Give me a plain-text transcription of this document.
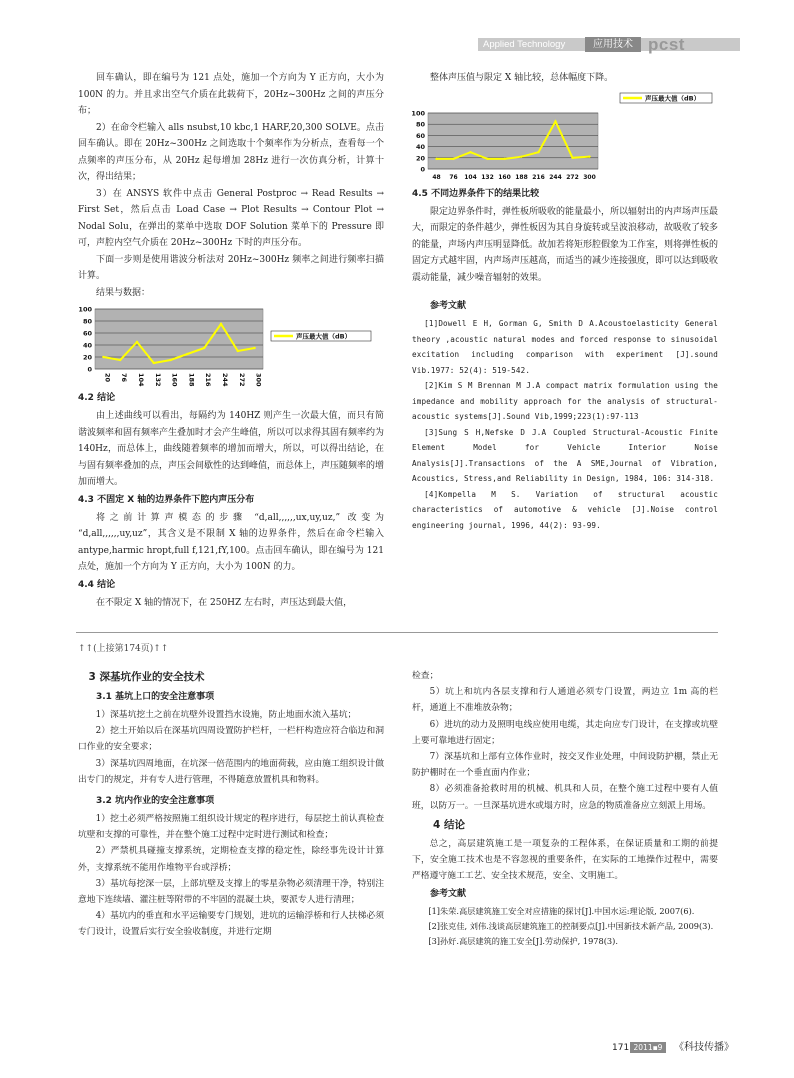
Applied Technology	应用技术 pcst

回车确认，即在编号为 121 点处，施加一个方向为 Y 正方向，大小为 100N 的力。并且求出空气介质在此载荷下，20Hz~300Hz 之间的声压分布；

2）在命令栏输入 alls nsubst,10 kbc,1 HARF,20,300 SOLVE。点击回车确认。即在 20Hz~300Hz 之间选取十个频率作为分析点，查看每一个点频率的声压分布，从 20Hz 起每增加 28Hz 进行一次仿真分析，计算十次，得出结果；

3）在 ANSYS 软件中点击 General Postproc → Read Results → First Set，然后点击 Load Case → Plot Results → Contour Plot → Nodal Solu，在弹出的菜单中选取 DOF Solution 菜单下的 Pressure 即可，声腔内空气介质在 20Hz~300Hz 下时的声压分布。

下面一步则是使用谐波分析法对 20Hz~300Hz 频率之间进行频率扫描计算。

结果与数据：

0
20
40
60
80
100
20 76 104 132 160 188 216 244 272 300
声压最大值（dB）
4.2 结论

由上述曲线可以看出，每隔约为 140HZ 则产生一次最大值，而只有简谐波频率和固有频率产生叠加时才会产生峰值，所以可以求得其固有频率约为 140Hz，而总体上，曲线随着频率的增加而增大，所以，可以得出结论，在与固有频率叠加的点，声压会间歇性的达到峰值，而总体上，声压随频率的增加而增大。

4.3 不固定 X 轴的边界条件下腔内声压分布

将之前计算声模态的步骤 “d,all,,,,,,ux,uy,uz,” 改变为 “d,all,,,,,,uy,uz”，其含义是不限制 X 轴的边界条件，然后在命令栏输入 antype,harmic hropt,full f,121,fY,100。点击回车确认，即在编号为 121 点处，施加一个方向为 Y 正方向，大小为 100N 的力。

4.4 结论

在不限定 X 轴的情况下，在 250HZ 左右时，声压达到最大值，

整体声压值与限定 X 轴比较，总体幅度下降。

0
20
40
60
80
100
48 76 104 132 160 188 216 244 272 300
声压最大值（dB）
4.5 不同边界条件下的结果比较

限定边界条件时，弹性板所吸收的能量最小，所以辐射出的内声场声压最大，而限定的条件越少，弹性板因为其自身旋转或呈波浪移动，故吸收了较多的能量，声场内声压明显降低。故加若将矩形腔假象为工作室，则将弹性板的固定方式越牢固，内声场声压越高，而适当的减少连接强度，即可以达到吸收震动能量，减少噪音辐射的效果。

参考文献

[1]Dowell E H, Gorman G, Smith D A.Acoustoelasticity General theory ,acoustic natural modes and forced response to sinusoidal excitation including comparison with experiment [J].sound Vib.1977: 52(4): 519-542.

[2]Kim S M Brennan M J.A compact matrix formulation using the impedance and mobility approach for the analysis of structural-acoustic systems[J].Sound Vib,1999;223(1):97-113

[3]Sung S H,Nefske D J.A Coupled Structural-Acoustic Finite Element Model for Vehicle Interior Noise Analysis[J].Transactions of the A SME,Journal of Vibration, Acoustics, Stress,and Reliability in Design, 1984, 106: 314-318.

[4]Kompella M S. Variation of structural acoustic characteristics of automotive & vehicle [J].Noise control engineering journal, 1996, 44(2): 93-99.

↑↑(上接第174页)↑↑
3 深基坑作业的安全技术
3.1 基坑上口的安全注意事项

1）深基坑挖土之前在坑壁外设置挡水设施，防止地面水流入基坑；

2）挖土开始以后在深基坑四周设置防护栏杆，一栏杆构造应符合临边和洞口作业的安全要求；

3）深基坑四周地面，在坑深一倍范围内的地面荷载，应由施工组织设计做出专门的规定，并有专人进行管理，不得随意放置机具和物料。

3.2 坑内作业的安全注意事项

1）挖土必须严格按照施工组织设计规定的程序进行，每层挖土前认真检查坑壁和支撑的可靠性，并在整个施工过程中定时进行测试和检查；

2）严禁机具碰撞支撑系统，定期检查支撑的稳定性，除经事先设计计算外，支撑系统不能用作堆物平台或浮桥；

3）基坑每挖深一层，上部坑壁及支撑上的零星杂物必须清理干净，特别注意地下连续墙、灌注桩等附带的不牢固的混凝土块，要派专人进行清理；

4）基坑内的垂直和水平运输要专门规划，进坑的运输浮桥和行人扶梯必须专门设计，设置后实行安全验收制度，并进行定期

检查；

5）坑上和坑内各层支撑和行人通道必须专门设置，两边立 1m 高的栏杆，通道上不准堆放杂物；

6）进坑的动力及照明电线应使用电缆，其走向应专门设计，在支撑或坑壁上要可靠地进行固定；

7）深基坑和上部有立体作业时，按交叉作业处理，中间设防护棚，禁止无防护棚时在一个垂直面内作业；

8）必须准备抢救时用的机械、机具和人员，在整个施工过程中要有人值班，以防万一。一旦深基坑进水或塌方时，应急的物质准备应立刻派上用场。

4 结论

总之，高层建筑施工是一项复杂的工程体系，在保证质量和工期的前提下，安全施工技术也是不容忽视的重要条件，在实际的工地操作过程中，需要严格遵守施工工艺、安全技术规范，安全、文明施工。

参考文献

[1]朱荣.高层建筑施工安全对应措施的探讨[J].中国水运:理论版, 2007(6).

[2]张克佳, 刘伟.浅谈高层建筑施工的控制要点[J].中国新技术新产品, 2009(3).

[3]孙好.高层建筑的施工安全[J].劳动保护, 1978(3).

171 2011▪9〈上〉
《科技传播》
